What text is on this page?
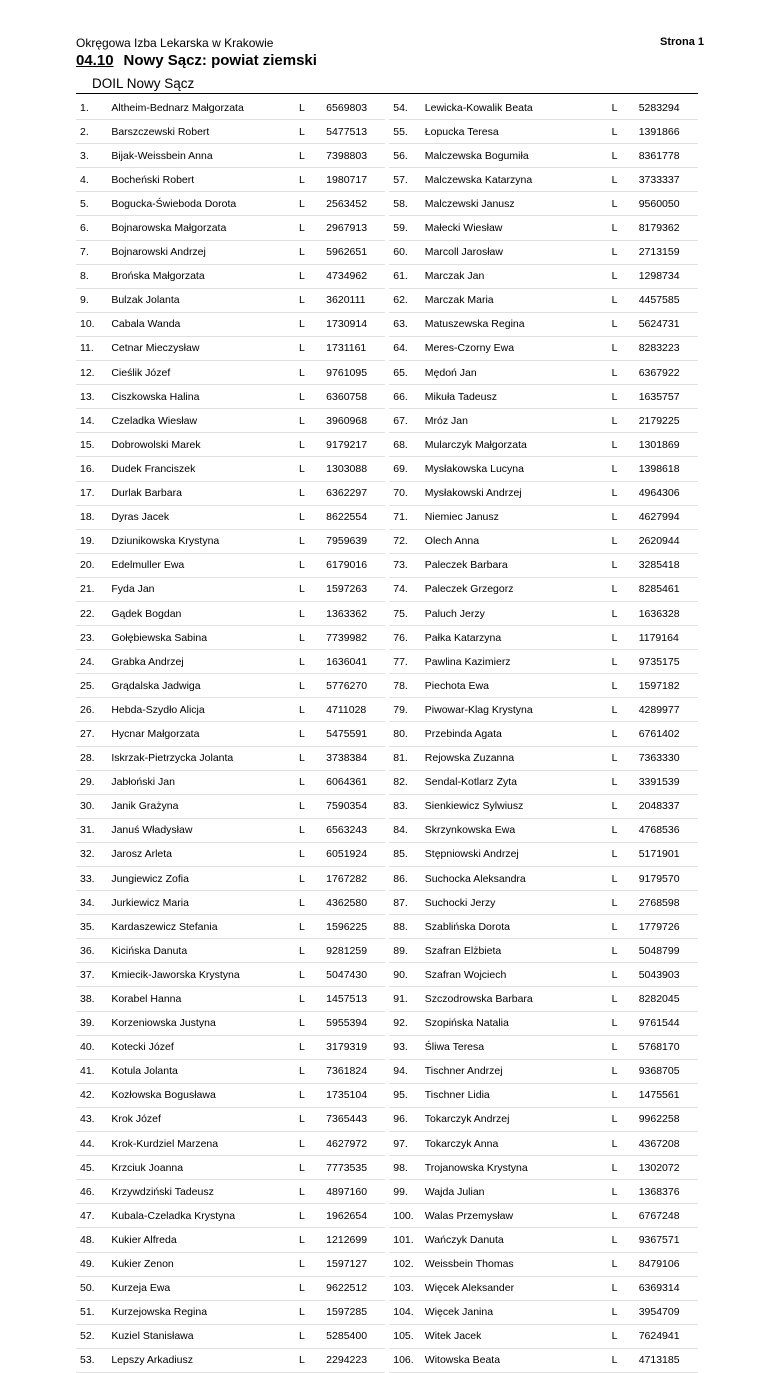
Okręgowa Izba Lekarska w Krakowie	Strona 1
04.10 Nowy Sącz: powiat ziemski
DOIL Nowy Sącz
1.	Altheim-Bednarz Małgorzata	L	6569803		54.	Lewicka-Kowalik Beata	L	5283294
2.	Barszczewski Robert	L	5477513		55.	Łopucka Teresa	L	1391866
3.	Bijak-Weissbein Anna	L	7398803		56.	Malczewska Bogumiła	L	8361778
4.	Bocheński Robert	L	1980717		57.	Malczewska Katarzyna	L	3733337
5.	Bogucka-Świeboda Dorota	L	2563452		58.	Malczewski Janusz	L	9560050
6.	Bojnarowska Małgorzata	L	2967913		59.	Małecki Wiesław	L	8179362
7.	Bojnarowski Andrzej	L	5962651		60.	Marcoll Jarosław	L	2713159
8.	Brońska Małgorzata	L	4734962		61.	Marczak Jan	L	1298734
9.	Bulzak Jolanta	L	3620111		62.	Marczak Maria	L	4457585
10.	Cabala Wanda	L	1730914		63.	Matuszewska Regina	L	5624731
11.	Cetnar Mieczysław	L	1731161		64.	Meres-Czorny Ewa	L	8283223
12.	Cieślik Józef	L	9761095		65.	Mędoń Jan	L	6367922
13.	Ciszkowska Halina	L	6360758		66.	Mikuła Tadeusz	L	1635757
14.	Czeladka Wiesław	L	3960968		67.	Mróz Jan	L	2179225
15.	Dobrowolski Marek	L	9179217		68.	Mularczyk Małgorzata	L	1301869
16.	Dudek Franciszek	L	1303088		69.	Mysłakowska Lucyna	L	1398618
17.	Durlak Barbara	L	6362297		70.	Mysłakowski Andrzej	L	4964306
18.	Dyras Jacek	L	8622554		71.	Niemiec Janusz	L	4627994
19.	Dziunikowska Krystyna	L	7959639		72.	Olech Anna	L	2620944
20.	Edelmuller Ewa	L	6179016		73.	Paleczek Barbara	L	3285418
21.	Fyda Jan	L	1597263		74.	Paleczek Grzegorz	L	8285461
22.	Gądek Bogdan	L	1363362		75.	Paluch Jerzy	L	1636328
23.	Gołębiewska Sabina	L	7739982		76.	Pałka Katarzyna	L	1179164
24.	Grabka Andrzej	L	1636041		77.	Pawlina Kazimierz	L	9735175
25.	Grądalska Jadwiga	L	5776270		78.	Piechota Ewa	L	1597182
26.	Hebda-Szydło Alicja	L	4711028		79.	Piwowar-Klag Krystyna	L	4289977
27.	Hycnar Małgorzata	L	5475591		80.	Przebinda Agata	L	6761402
28.	Iskrzak-Pietrzycka Jolanta	L	3738384		81.	Rejowska Zuzanna	L	7363330
29.	Jabłoński Jan	L	6064361		82.	Sendal-Kotlarz Zyta	L	3391539
30.	Janik Grażyna	L	7590354		83.	Sienkiewicz Sylwiusz	L	2048337
31.	Januś Władysław	L	6563243		84.	Skrzynkowska Ewa	L	4768536
32.	Jarosz Arleta	L	6051924		85.	Stępniowski Andrzej	L	5171901
33.	Jungiewicz Zofia	L	1767282		86.	Suchocka Aleksandra	L	9179570
34.	Jurkiewicz Maria	L	4362580		87.	Suchocki Jerzy	L	2768598
35.	Kardaszewicz Stefania	L	1596225		88.	Szablińska Dorota	L	1779726
36.	Kicińska Danuta	L	9281259		89.	Szafran Elżbieta	L	5048799
37.	Kmiecik-Jaworska Krystyna	L	5047430		90.	Szafran Wojciech	L	5043903
38.	Korabel Hanna	L	1457513		91.	Szczodrowska Barbara	L	8282045
39.	Korzeniowska Justyna	L	5955394		92.	Szopińska Natalia	L	9761544
40.	Kotecki Józef	L	3179319		93.	Śliwa Teresa	L	5768170
41.	Kotula Jolanta	L	7361824		94.	Tischner Andrzej	L	9368705
42.	Kozłowska Bogusława	L	1735104		95.	Tischner Lidia	L	1475561
43.	Krok Józef	L	7365443		96.	Tokarczyk Andrzej	L	9962258
44.	Krok-Kurdziel Marzena	L	4627972		97.	Tokarczyk Anna	L	4367208
45.	Krzciuk Joanna	L	7773535		98.	Trojanowska Krystyna	L	1302072
46.	Krzywdziński Tadeusz	L	4897160		99.	Wajda Julian	L	1368376
47.	Kubala-Czeladka Krystyna	L	1962654		100.	Walas Przemysław	L	6767248
48.	Kukier Alfreda	L	1212699		101.	Wańczyk Danuta	L	9367571
49.	Kukier Zenon	L	1597127		102.	Weissbein Thomas	L	8479106
50.	Kurzeja Ewa	L	9622512		103.	Więcek Aleksander	L	6369314
51.	Kurzejowska Regina	L	1597285		104.	Więcek Janina	L	3954709
52.	Kuziel Stanisława	L	5285400		105.	Witek Jacek	L	7624941
53.	Lepszy Arkadiusz	L	2294223		106.	Witowska Beata	L	4713185
